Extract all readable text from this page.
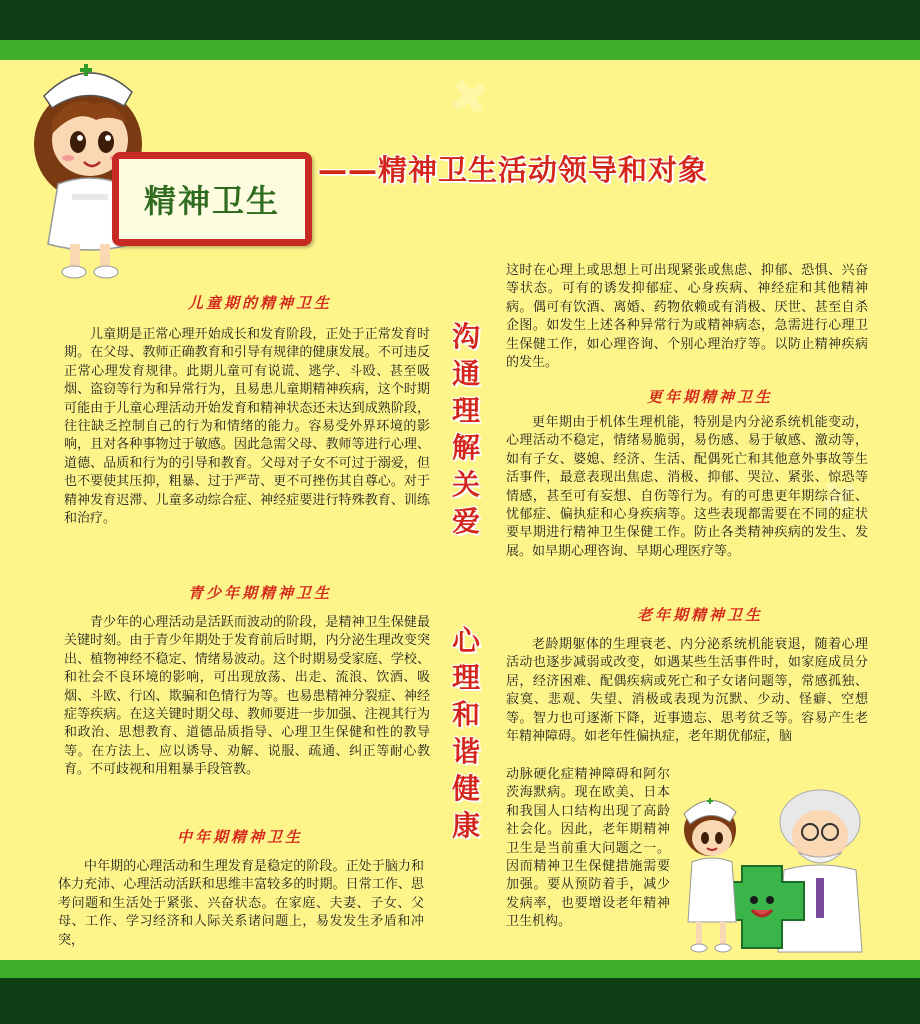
✚
✚
精神卫生
——精神卫生活动领导和对象
儿童期的精神卫生
儿童期是正常心理开始成长和发育阶段，正处于正常发育时期。在父母、教师正确教育和引导有规律的健康发展。不可违反正常心理发育规律。此期儿童可有说谎、逃学、斗殴、甚至吸烟、盗窃等行为和异常行为，且易患儿童期精神疾病，这个时期可能由于儿童心理活动开始发育和精神状态还未达到成熟阶段，往往缺乏控制自己的行为和情绪的能力。容易受外界环境的影响，且对各种事物过于敏感。因此急需父母、教师等进行心理、道德、品质和行为的引导和教育。父母对子女不可过于溺爱，但也不要使其压抑，粗暴、过于严苛、更不可挫伤其自尊心。对于精神发育迟滞、儿童多动综合症、神经症要进行特殊教育、训练和治疗。
青少年期精神卫生
青少年的心理活动是活跃而波动的阶段，是精神卫生保健最关键时刻。由于青少年期处于发育前后时期，内分泌生理改变突出、植物神经不稳定、情绪易波动。这个时期易受家庭、学校、和社会不良环境的影响，可出现放荡、出走、流浪、饮酒、吸烟、斗欧、行凶、欺骗和色情行为等。也易患精神分裂症、神经症等疾病。在这关键时期父母、教师要进一步加强、注视其行为和政治、思想教育、道德品质指导、心理卫生保健和性的教导等。在方法上、应以诱导、劝解、说服、疏通、纠正等耐心教育。不可歧视和用粗暴手段管教。
中年期精神卫生
中年期的心理活动和生理发育是稳定的阶段。正处于脑力和体力充沛、心理活动活跃和思维丰富较多的时期。日常工作、思考问题和生活处于紧张、兴奋状态。在家庭、夫妻、子女、父母、工作、学习经济和人际关系诸问题上，易发发生矛盾和冲突，
沟
通
理
解
关
爱
心
理
和
谐
健
康
这时在心理上或思想上可出现紧张或焦虑、抑郁、恐惧、兴奋等状态。可有的诱发抑郁症、心身疾病、神经症和其他精神病。偶可有饮酒、离婚、药物依赖或有消极、厌世、甚至自杀企图。如发生上述各种异常行为或精神病态，急需进行心理卫生保健工作，如心理咨询、个别心理治疗等。以防止精神疾病的发生。
更年期精神卫生
更年期由于机体生理机能，特别是内分泌系统机能变动，心理活动不稳定，情绪易脆弱，易伤感、易于敏感、激动等，如有子女、婆媳、经济、生活、配偶死亡和其他意外事故等生活事件，最意表现出焦虑、消极、抑郁、哭泣、紧张、惊恐等情感，甚至可有妄想、自伤等行为。有的可患更年期综合征、忧郁症、偏执症和心身疾病等。这些表现都需要在不同的症状要早期进行精神卫生保健工作。防止各类精神疾病的发生、发展。如早期心理咨询、早期心理医疗等。
老年期精神卫生
老龄期躯体的生理衰老、内分泌系统机能衰退，随着心理活动也逐步减弱或改变，如遇某些生活事件时，如家庭成员分居，经济困难、配偶疾病或死亡和子女诸问题等，常感孤独、寂寞、悲观、失望、消极或表现为沉默、少动、怪癖、空想等。智力也可逐渐下降，近事遗忘、思考贫乏等。容易产生老年精神障碍。如老年性偏执症，老年期优郁症，脑
动脉硬化症精神障碍和阿尔茨海默病。现在欧美、日本和我国人口结构出现了高龄社会化。因此，老年期精神卫生是当前重大问题之一。因而精神卫生保健措施需要加强。要从预防着手，减少发病率，也要增设老年精神卫生机构。
